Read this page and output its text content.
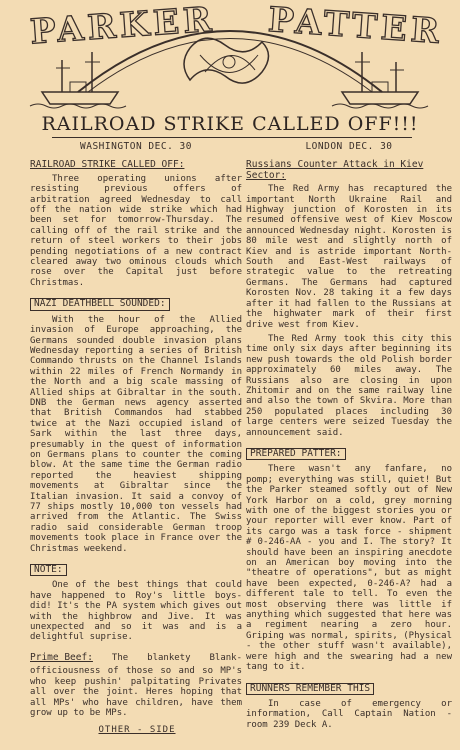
PARKER PATTER
RAILROAD STRIKE CALLED OFF!!!
WASHINGTON DEC. 30
RAILROAD STRIKE CALLED OFF:

Three operating unions after resisting previous offers of arbitration agreed Wednesday to call off the nation wide strike which had been set for tomorrow-Thursday. The calling off of the rail strike and the return of steel workers to their jobs pending negotiations of a new contract cleared away two ominous clouds which rose over the Capital just before Christmas.

NAZI DEATHBELL SOUNDED:

With the hour of the Allied invasion of Europe approaching, the Germans sounded double invasion plans Wednesday reporting a series of British Commando thrusts on the Channel Islands within 22 miles of French Normandy in the North and a big scale massing of Allied ships at Gibraltar in the south. DNB the German news agency asserted that British Commandos had stabbed twice at the Nazi occupied island of Sark within the last three days, presumably in the quest of information on Germans plans to counter the coming blow. At the same time the German radio reported the heaviest shipping movements at Gibraltar since the Italian invasion. It said a convoy of 77 ships mostly 10,000 ton vessels had arrived from the Atlantic. The Swiss radio said considerable German troop movements took place in France over the Christmas weekend.

NOTE:

One of the best things that could have happened to Roy's little boys- did! It's the PA system which gives out with the highbrow and Jive. It was unexpected and so it was and is a delightful suprise.

Prime Beef: The blankety Blank-officiousness of those so and so MP's who keep pushin' palpitating Privates all over the joint. Heres hoping that all MPs' who have children, have them grow up to be MPs.

LONDON DEC. 30
Russians Counter Attack in Kiev Sector:

The Red Army has recaptured the important North Ukraine Rail and Highway junction of Korosten in its resumed offensive west of Kiev Moscow announced Wednesday night. Korosten is 80 mile west and slightly north of Kiev and is astride important North-South and East-West railways of strategic value to the retreating Germans. The Germans had captured Korosten Nov. 28 taking it a few days after it had fallen to the Russians at the highwater mark of their first drive west from Kiev.

The Red Army took this city this time only six days after beginning its new push towards the old Polish border approximately 60 miles away. The Russians also are closing in upon Zhitomir and on the same railway line and also the town of Skvira. More than 250 populated places including 30 large centers were seized Tuesday the announcement said.

PREPARED PATTER:

There wasn't any fanfare, no pomp; everything was still, quiet! But the Parker steamed softly out of New York Harbor on a cold, grey morning with one of the biggest stories you or your reporter will ever know. Part of its cargo was a task force - shipment # 0-246-AA - you and I. The story? It should have been an inspiring anecdote on an American boy moving into the "theatre of operations", but as might have been expected, 0-246-A? had a different tale to tell. To even the most observing there was little if anything which suggested that here was a regiment nearing a zero hour. Griping was normal, spirits, (Physical - the other stuff wasn't available), were high and the swearing had a new tang to it.

RUNNERS REMEMBER THIS

In case of emergency or information, Call Captain Nation - room 239 Deck A.

OTHER - SIDE
